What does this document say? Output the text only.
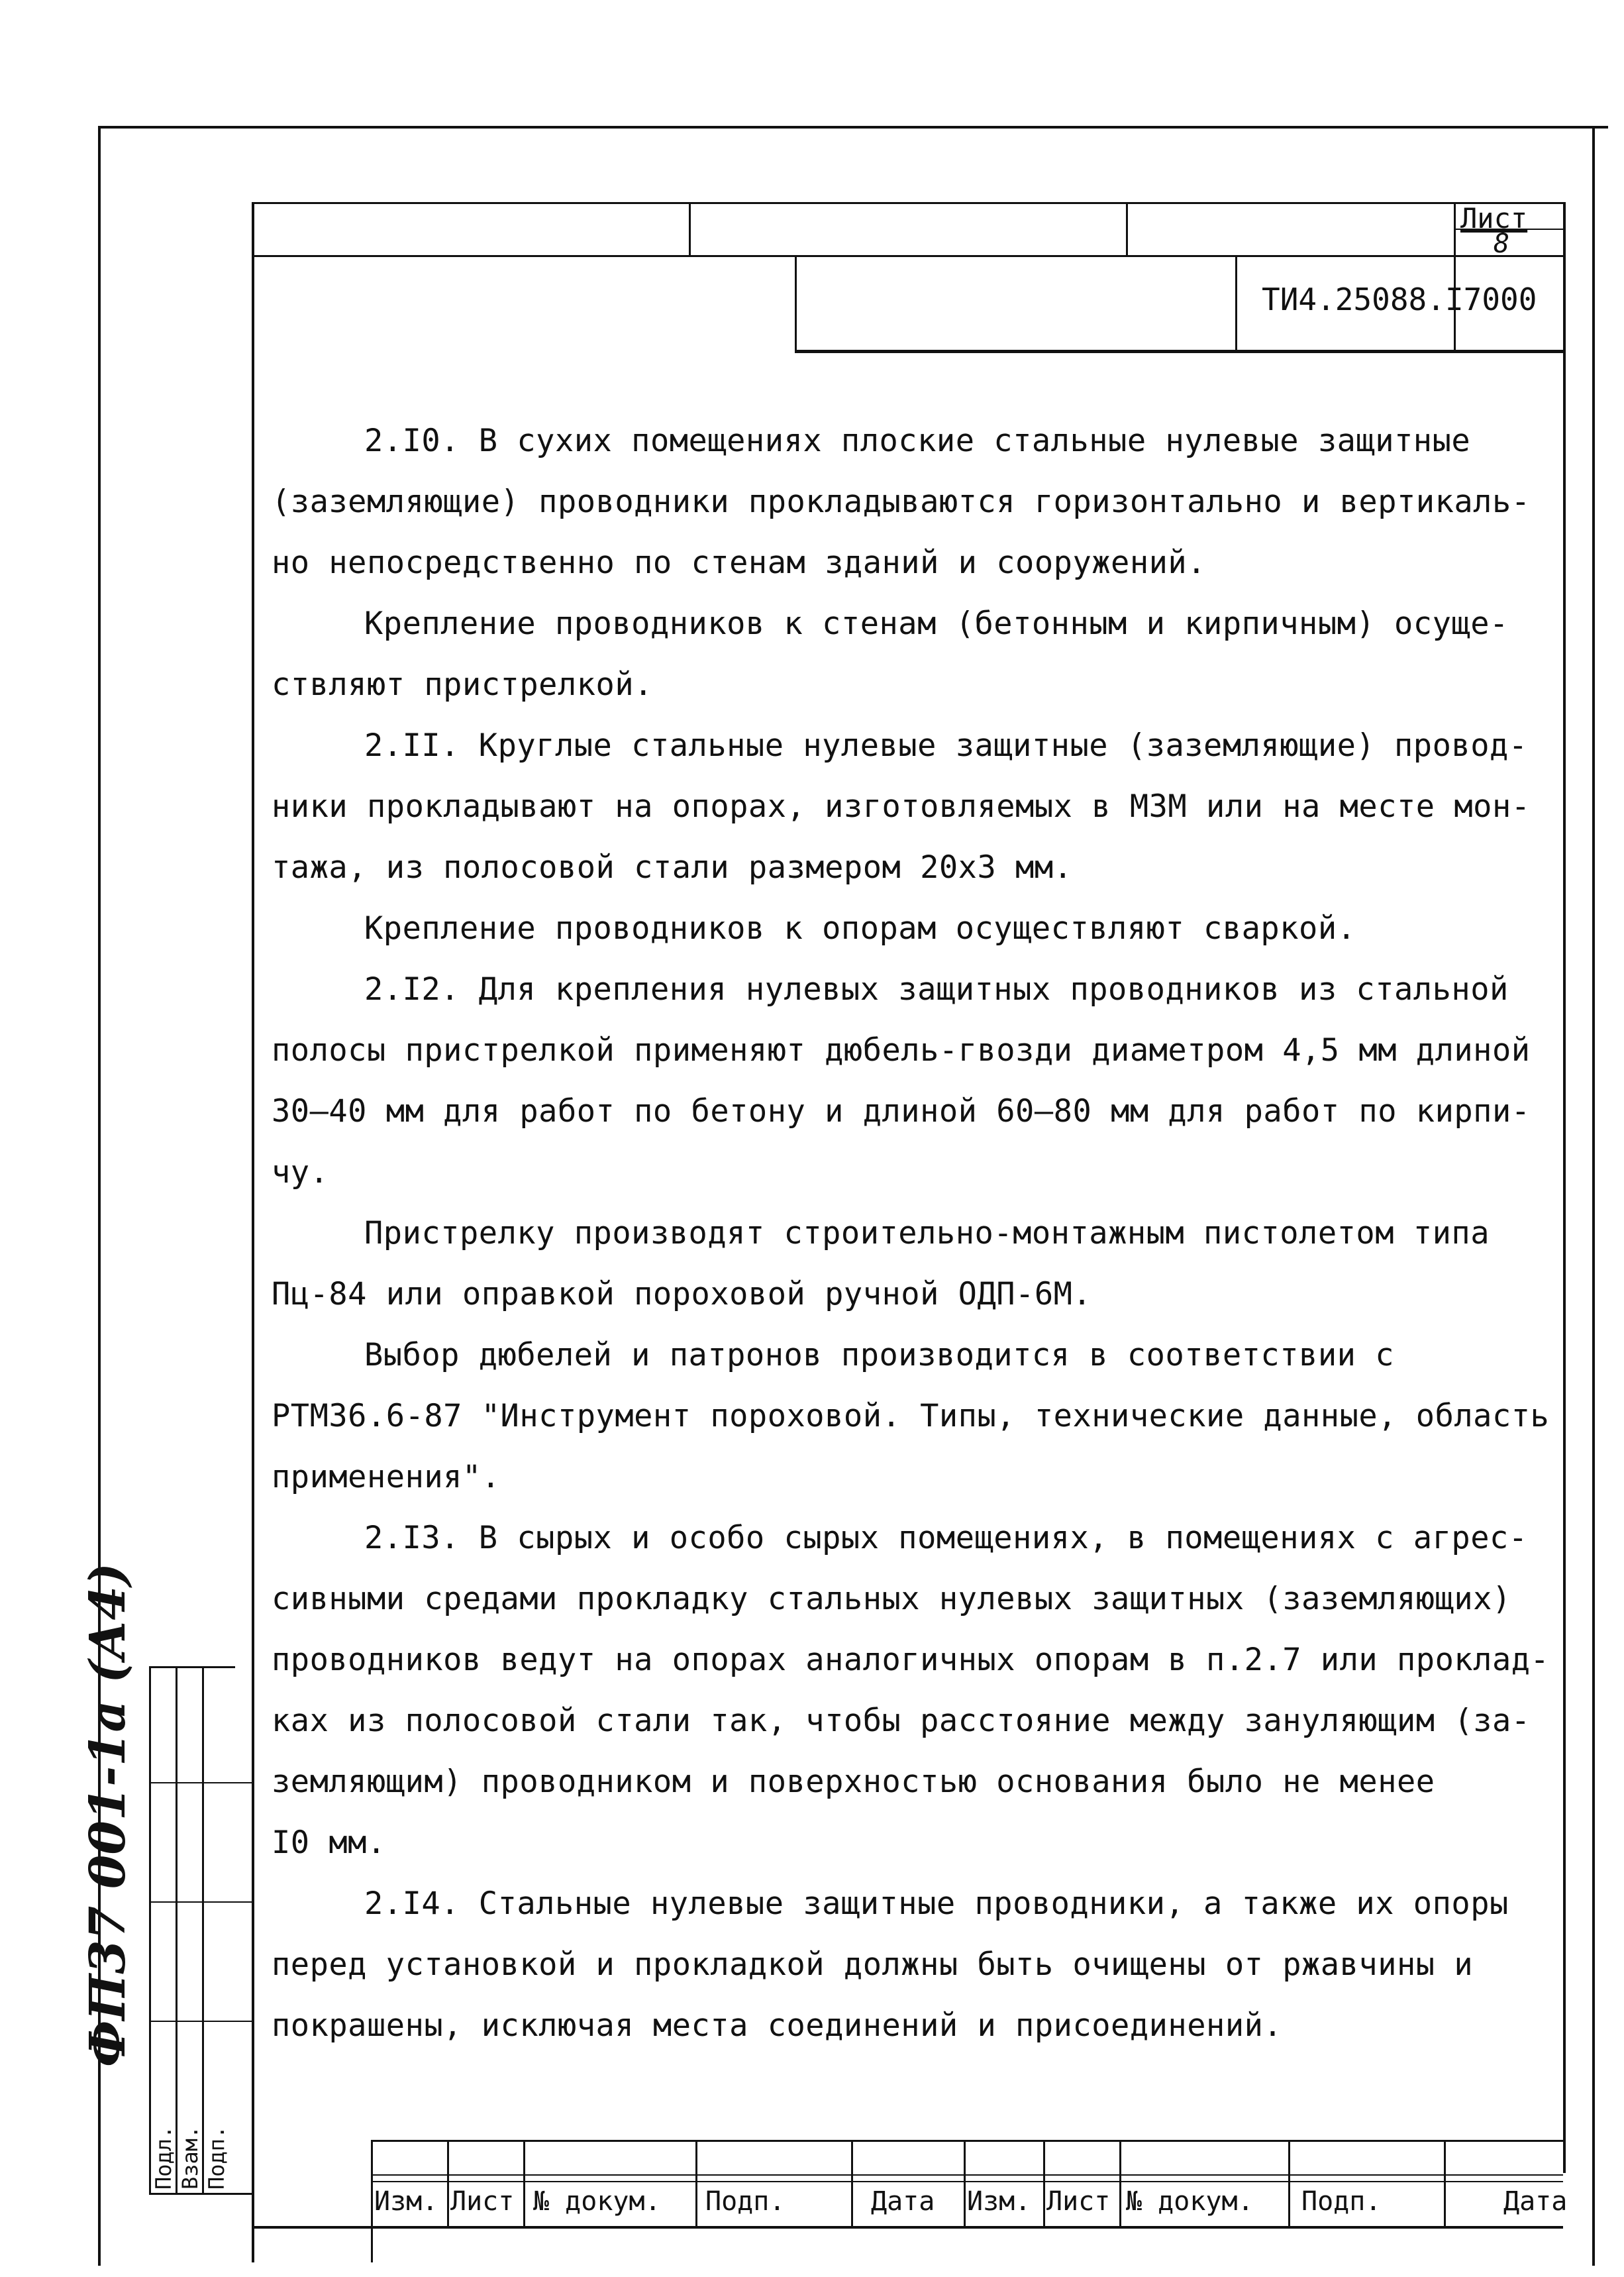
Лист
8
ТИ4.25088.I7000

2.I0. В сухих помещениях плоские стальные нулевые защитные

(заземляющие) проводники прокладываются горизонтально и вертикаль-

но непосредственно по стенам зданий и сооружений.

Крепление проводников к стенам (бетонным и кирпичным) осуще-

ствляют пристрелкой.

2.II. Круглые стальные нулевые защитные (заземляющие) провод-

ники прокладывают на опорах, изготовляемых в МЗМ или на месте мон-

тажа, из полосовой стали размером 20х3 мм.

Крепление проводников к опорам осуществляют сваркой.

2.I2. Для крепления нулевых защитных проводников из стальной

полосы пристрелкой применяют дюбель-гвозди диаметром 4,5 мм длиной

30—40 мм для работ по бетону и длиной 60—80 мм для работ по кирпи-

чу.

Пристрелку производят строительно-монтажным пистолетом типа

Пц-84 или оправкой пороховой ручной ОДП-6М.

Выбор дюбелей и патронов производится в соответствии с

РТМ36.6-87 "Инструмент пороховой. Типы, технические данные, область

применения".

2.I3. В сырых и особо сырых помещениях, в помещениях с агрес-

сивными средами прокладку стальных нулевых защитных (заземляющих)

проводников ведут на опорах аналогичных опорам в п.2.7 или проклад-

ках из полосовой стали так, чтобы расстояние между зануляющим (за-

земляющим) проводником и поверхностью основания было не менее

I0 мм.

2.I4. Стальные нулевые защитные проводники, а также их опоры

перед установкой и прокладкой должны быть очищены от ржавчины и

покрашены, исключая места соединений и присоединений.

Изм. Лист № докум. Подп.	Дата Изм. Лист № докум. Подп.	Дата
Подл. Взам. Подп.
ФП37 001-1а (А4)
